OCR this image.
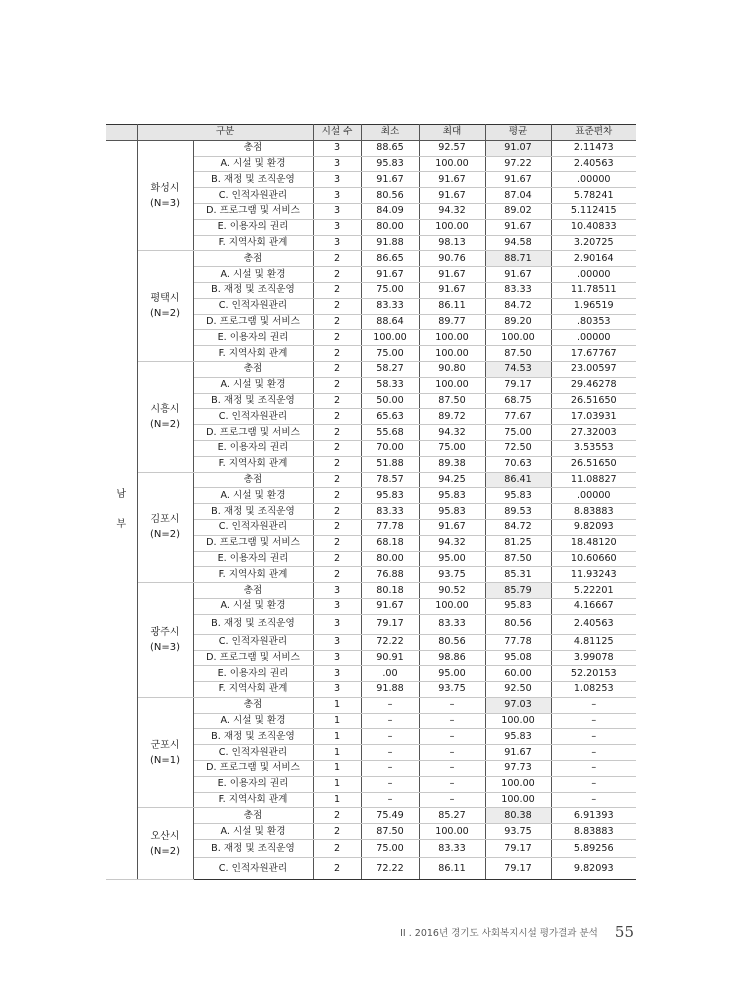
	구분		시설 수	최소	최대	평균	표준편차
남
부	화성시
(N=3)	총점	3	88.65	92.57	91.07	2.11473
		A. 시설 및 환경	3	95.83	100.00	97.22	2.40563
		B. 재정 및 조직운영	3	91.67	91.67	91.67	.00000
		C. 인적자원관리	3	80.56	91.67	87.04	5.78241
		D. 프로그램 및 서비스	3	84.09	94.32	89.02	5.112415
		E. 이용자의 권리	3	80.00	100.00	91.67	10.40833
		F. 지역사회 관계	3	91.88	98.13	94.58	3.20725
	평택시
(N=2)	총점	2	86.65	90.76	88.71	2.90164
		A. 시설 및 환경	2	91.67	91.67	91.67	.00000
		B. 재정 및 조직운영	2	75.00	91.67	83.33	11.78511
		C. 인적자원관리	2	83.33	86.11	84.72	1.96519
		D. 프로그램 및 서비스	2	88.64	89.77	89.20	.80353
		E. 이용자의 권리	2	100.00	100.00	100.00	.00000
		F. 지역사회 관계	2	75.00	100.00	87.50	17.67767
	시흥시
(N=2)	총점	2	58.27	90.80	74.53	23.00597
		A. 시설 및 환경	2	58.33	100.00	79.17	29.46278
		B. 재정 및 조직운영	2	50.00	87.50	68.75	26.51650
		C. 인적자원관리	2	65.63	89.72	77.67	17.03931
		D. 프로그램 및 서비스	2	55.68	94.32	75.00	27.32003
		E. 이용자의 권리	2	70.00	75.00	72.50	3.53553
		F. 지역사회 관계	2	51.88	89.38	70.63	26.51650
	김포시
(N=2)	총점	2	78.57	94.25	86.41	11.08827
		A. 시설 및 환경	2	95.83	95.83	95.83	.00000
		B. 재정 및 조직운영	2	83.33	95.83	89.53	8.83883
		C. 인적자원관리	2	77.78	91.67	84.72	9.82093
		D. 프로그램 및 서비스	2	68.18	94.32	81.25	18.48120
		E. 이용자의 권리	2	80.00	95.00	87.50	10.60660
		F. 지역사회 관계	2	76.88	93.75	85.31	11.93243
	광주시
(N=3)	총점	3	80.18	90.52	85.79	5.22201
		A. 시설 및 환경	3	91.67	100.00	95.83	4.16667
		B. 재정 및 조직운영	3	79.17	83.33	80.56	2.40563
		C. 인적자원관리	3	72.22	80.56	77.78	4.81125
		D. 프로그램 및 서비스	3	90.91	98.86	95.08	3.99078
		E. 이용자의 권리	3	.00	95.00	60.00	52.20153
		F. 지역사회 관계	3	91.88	93.75	92.50	1.08253
	군포시
(N=1)	총점	1	–	–	97.03	–
		A. 시설 및 환경	1	–	–	100.00	–
		B. 재정 및 조직운영	1	–	–	95.83	–
		C. 인적자원관리	1	–	–	91.67	–
		D. 프로그램 및 서비스	1	–	–	97.73	–
		E. 이용자의 권리	1	–	–	100.00	–
		F. 지역사회 관계	1	–	–	100.00	–
	오산시
(N=2)	총점	2	75.49	85.27	80.38	6.91393
		A. 시설 및 환경	2	87.50	100.00	93.75	8.83883
		B. 재정 및 조직운영	2	75.00	83.33	79.17	5.89256
		C. 인적자원관리	2	72.22	86.11	79.17	9.82093
II . 2016년 경기도 사회복지시설 평가결과 분석 55
